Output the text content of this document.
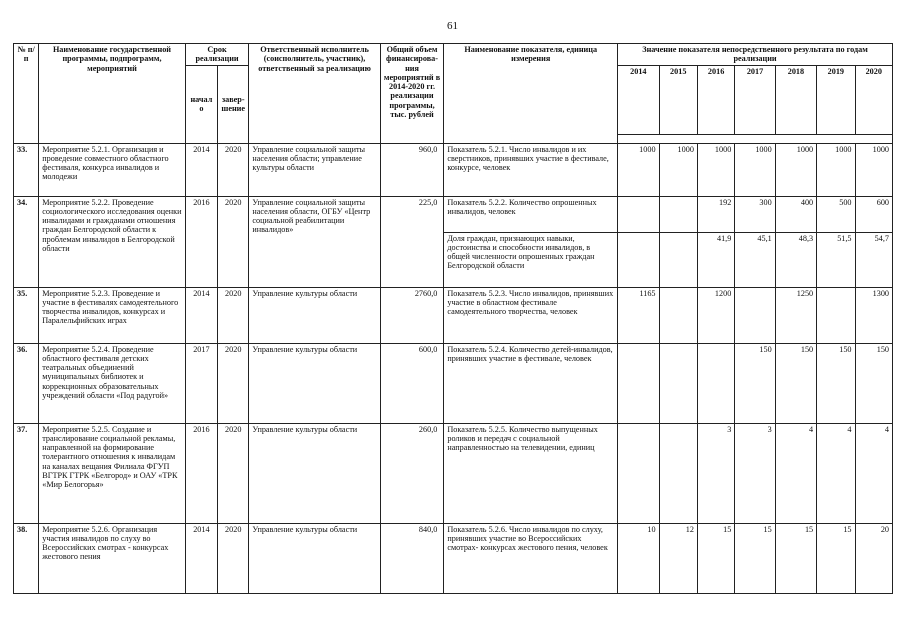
61
№ п/п	Наименование государственной программы, подпрограмм, мероприятий	Срок реализации		Ответственный исполнитель (соисполнитель, участник), ответственный за реализацию	Общий объем финансирова-ния мероприятий в 2014-2020 гг. реализации программы, тыс. рублей	Наименование показателя, единица измерения	Значение показателя непосредственного результата по годам реализации						
		начало	завер-шение				2014	2015	2016	2017	2018	2019	2020

33.	Мероприятие 5.2.1. Организация и проведение совместного областного фестиваля, конкурса инвалидов и молодежи	2014	2020	Управление социальной защиты населения области; управление культуры области	960,0	Показатель 5.2.1. Число инвалидов и их сверстников, принявших участие в фестивале, конкурсе, человек	1000	1000	1000	1000	1000	1000	1000
34.	Мероприятие 5.2.2. Проведение социологического исследования оценки инвалидами и гражданами отношения граждан Белгородской области к проблемам инвалидов в Белгородской области	2016	2020	Управление социальной защиты населения области, ОГБУ «Центр социальной реабилитации инвалидов»	225,0	Показатель 5.2.2. Количество опрошенных инвалидов, человек			192	300	400	500	600
						Доля граждан, признающих навыки, достоинства и способности инвалидов, в общей численности опрошенных граждан Белгородской области			41,9	45,1	48,3	51,5	54,7
35.	Мероприятие 5.2.3. Проведение и участие в фестивалях самодеятельного творчества инвалидов, конкурсах и Паралельфийских играх	2014	2020	Управление культуры области	2760,0	Показатель 5.2.3. Число инвалидов, принявших участие в областном фестивале самодеятельного творчества, человек	1165		1200		1250		1300
36.	Мероприятие 5.2.4. Проведение областного фестиваля детских театральных объединений муниципальных библиотек и коррекционных образовательных учреждений области «Под радугой»	2017	2020	Управление культуры области	600,0	Показатель 5.2.4. Количество детей-инвалидов, принявших участие в фестивале, человек				150	150	150	150
37.	Мероприятие 5.2.5. Создание и транслирование социальной рекламы, направленной на формирование толерантного отношения к инвалидам на каналах вещания Филиала ФГУП ВГТРК ГТРК «Белгород» и ОАУ «ТРК «Мир Белогорья»	2016	2020	Управление культуры области	260,0	Показатель 5.2.5. Количество выпущенных роликов и передач с социальной направленностью на телевидении, единиц			3	3	4	4	4
38.	Мероприятие 5.2.6. Организация участия инвалидов по слуху во Всероссийских смотрах - конкурсах жестового пения	2014	2020	Управление культуры области	840,0	Показатель 5.2.6. Число инвалидов по слуху, принявших участие во Всероссийских смотрах- конкурсах жестового пения, человек	10	12	15	15	15	15	20
